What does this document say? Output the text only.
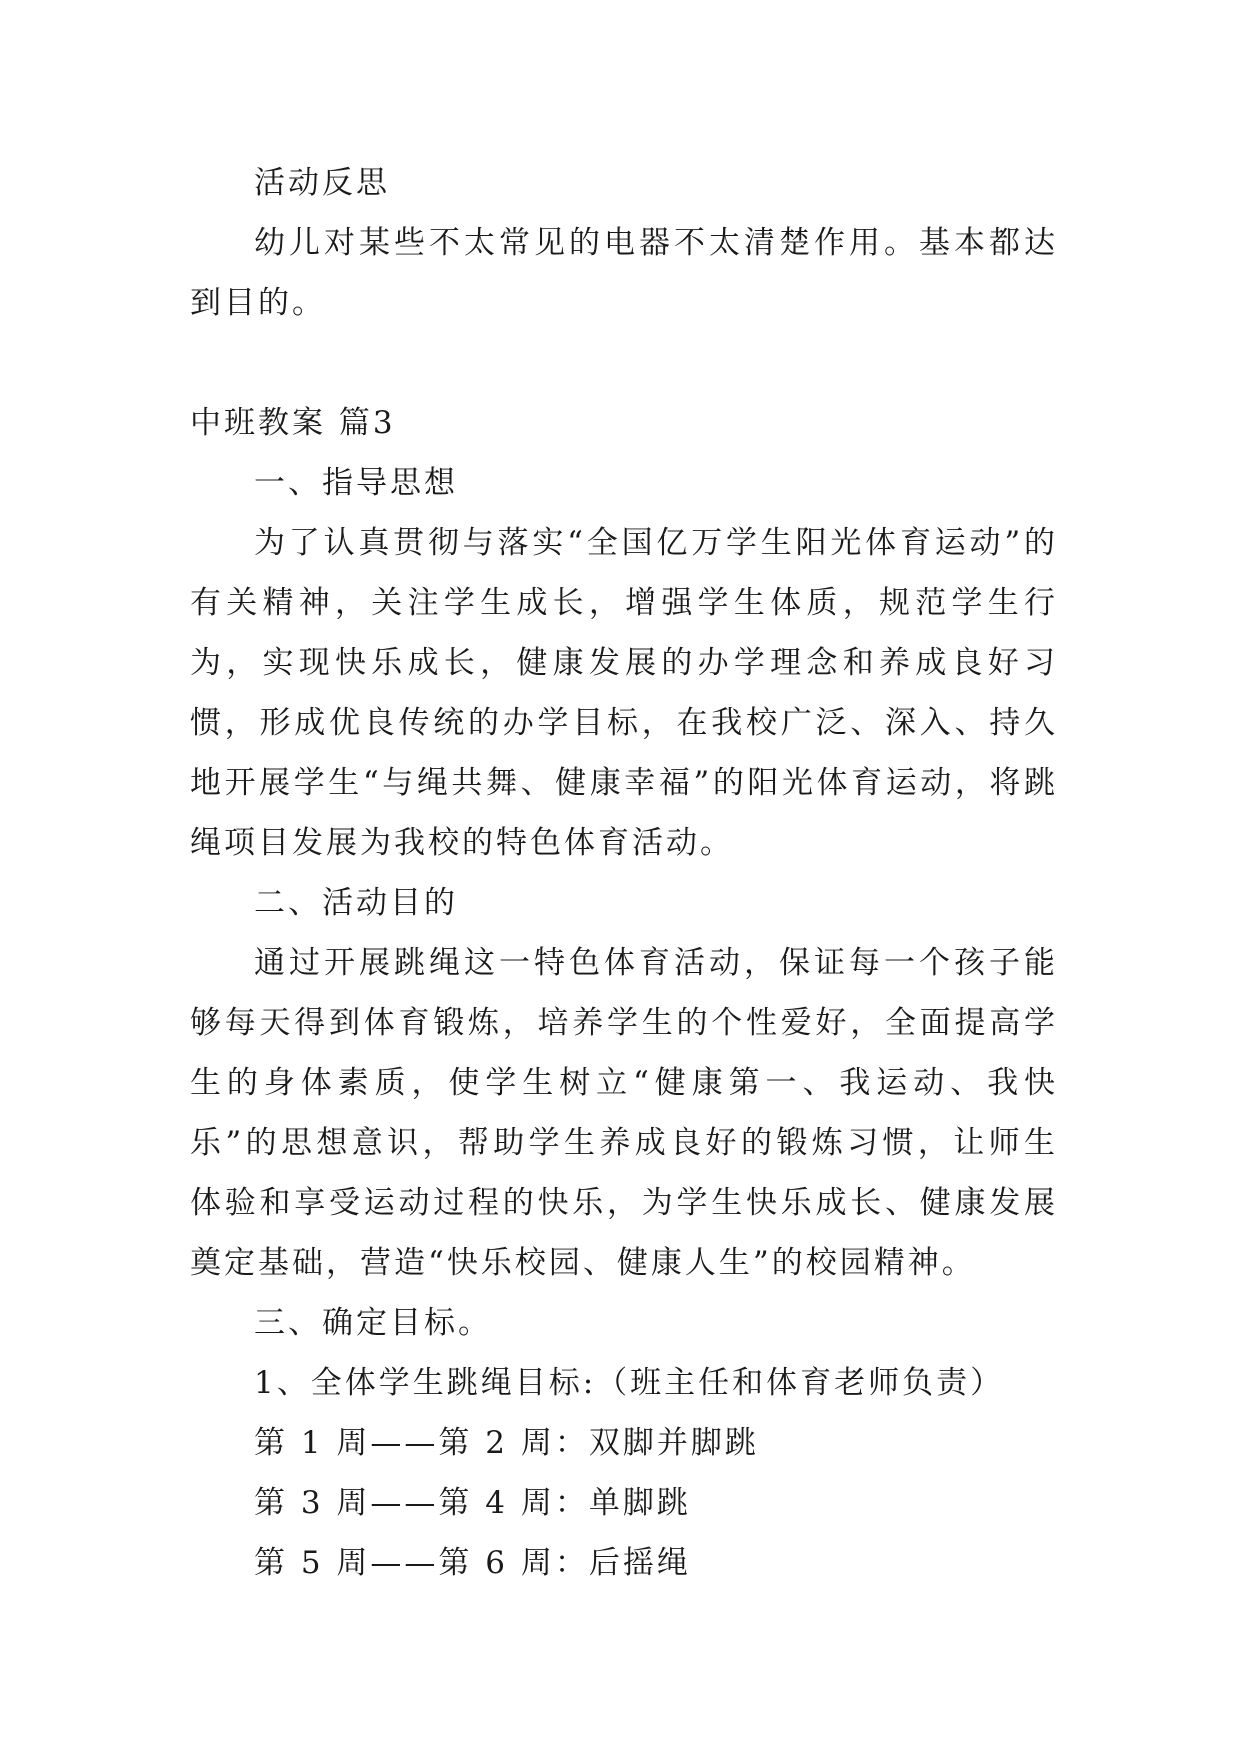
活动反思

幼儿对某些不太常见的电器不太清楚作用。基本都达到目的。

中班教案 篇3

一、指导思想

为了认真贯彻与落实“全国亿万学生阳光体育运动”的有关精神，关注学生成长，增强学生体质，规范学生行为，实现快乐成长，健康发展的办学理念和养成良好习惯，形成优良传统的办学目标，在我校广泛、深入、持久地开展学生“与绳共舞、健康幸福”的阳光体育运动，将跳绳项目发展为我校的特色体育活动。

二、活动目的

通过开展跳绳这一特色体育活动，保证每一个孩子能够每天得到体育锻炼，培养学生的个性爱好，全面提高学生的身体素质，使学生树立“健康第一、我运动、我快乐”的思想意识，帮助学生养成良好的锻炼习惯，让师生体验和享受运动过程的快乐，为学生快乐成长、健康发展奠定基础，营造“快乐校园、健康人生”的校园精神。

三、确定目标。

1、全体学生跳绳目标:（班主任和体育老师负责）

第 1 周——第 2 周：双脚并脚跳

第 3 周——第 4 周：单脚跳

第 5 周——第 6 周：后摇绳
